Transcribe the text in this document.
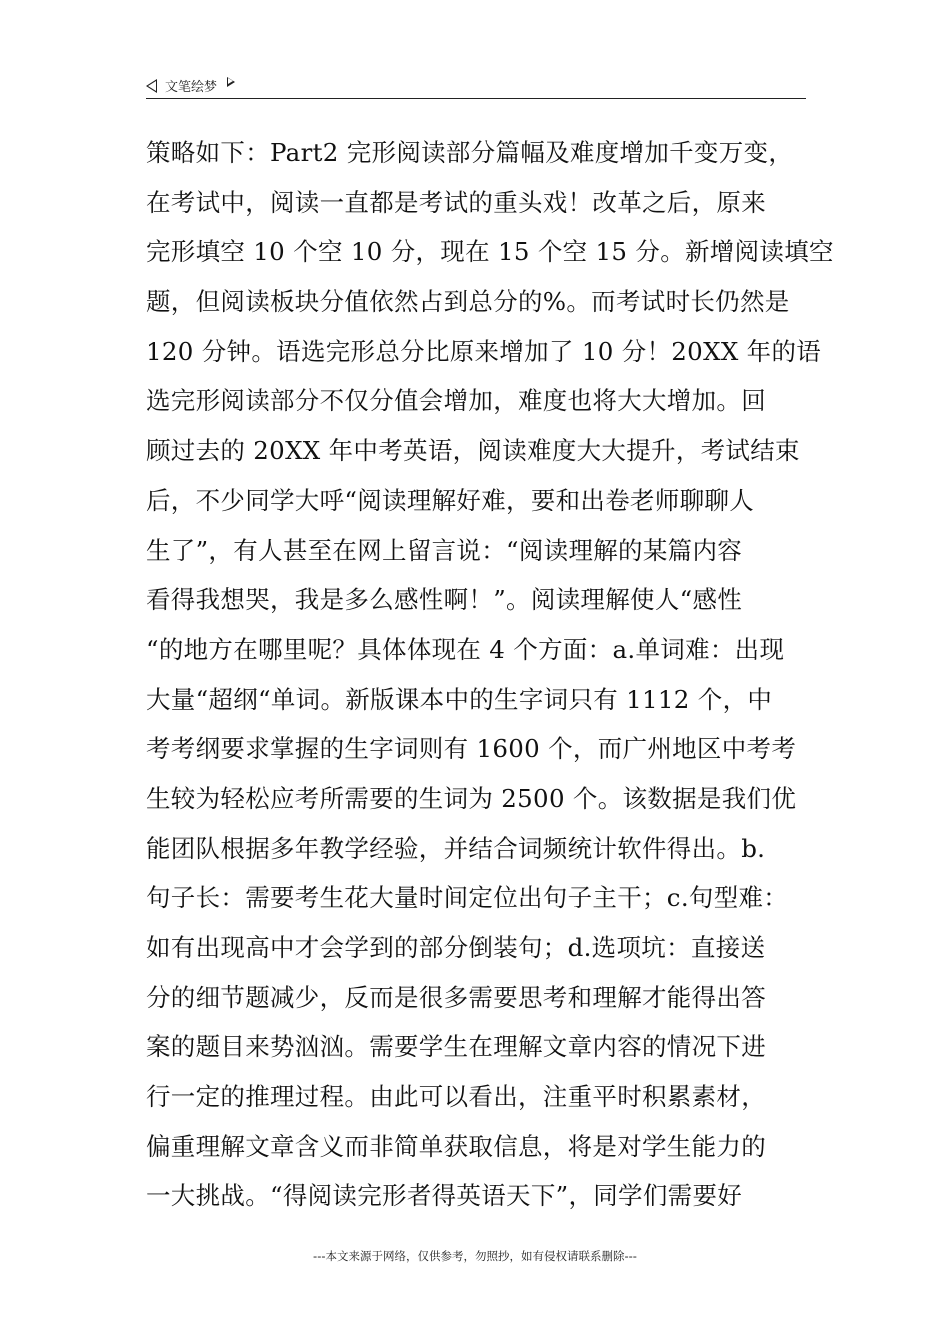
文笔绘梦
策略如下：Part2 完形阅读部分篇幅及难度增加千变万变，
在考试中，阅读一直都是考试的重头戏！改革之后，原来
完形填空 10 个空 10 分，现在 15 个空 15 分。新增阅读填空
题，但阅读板块分值依然占到总分的%。而考试时长仍然是
120 分钟。语选完形总分比原来增加了 10 分！20XX 年的语
选完形阅读部分不仅分值会增加，难度也将大大增加。回
顾过去的 20XX 年中考英语，阅读难度大大提升，考试结束
后，不少同学大呼“阅读理解好难，要和出卷老师聊聊人
生了”，有人甚至在网上留言说：“阅读理解的某篇内容
看得我想哭，我是多么感性啊！”。阅读理解使人“感性
“的地方在哪里呢？具体体现在 4 个方面：a.单词难：出现
大量“超纲“单词。新版课本中的生字词只有 1112 个，中
考考纲要求掌握的生字词则有 1600 个，而广州地区中考考
生较为轻松应考所需要的生词为 2500 个。该数据是我们优
能团队根据多年教学经验，并结合词频统计软件得出。b.
句子长：需要考生花大量时间定位出句子主干；c.句型难：
如有出现高中才会学到的部分倒装句；d.选项坑：直接送
分的细节题减少，反而是很多需要思考和理解才能得出答
案的题目来势汹汹。需要学生在理解文章内容的情况下进
行一定的推理过程。由此可以看出，注重平时积累素材，
偏重理解文章含义而非简单获取信息，将是对学生能力的
一大挑战。“得阅读完形者得英语天下”，同学们需要好
---本文来源于网络，仅供参考，勿照抄，如有侵权请联系删除---
